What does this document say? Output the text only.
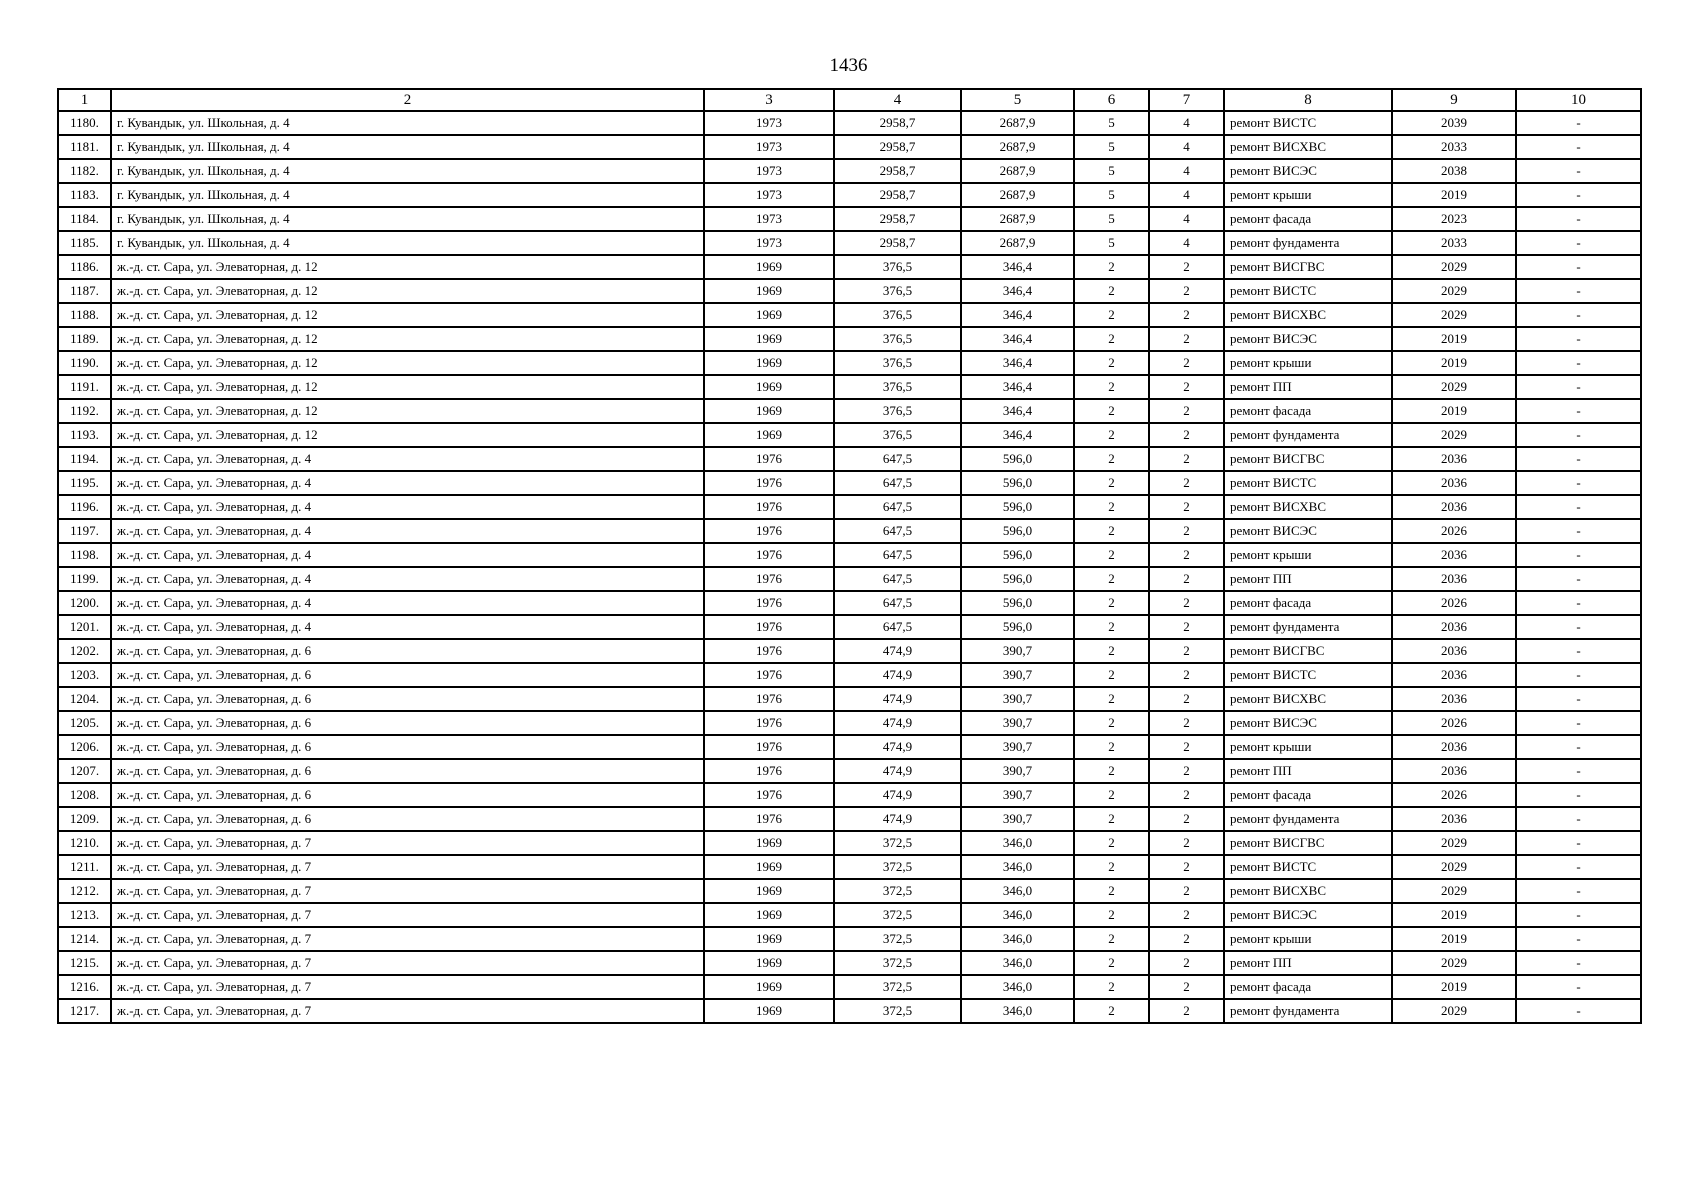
1436
1	2	3	4	5	6	7	8	9	10
1180.	г. Кувандык, ул. Школьная, д. 4	1973	2958,7	2687,9	5	4	ремонт ВИСТС	2039	-
1181.	г. Кувандык, ул. Школьная, д. 4	1973	2958,7	2687,9	5	4	ремонт ВИСХВС	2033	-
1182.	г. Кувандык, ул. Школьная, д. 4	1973	2958,7	2687,9	5	4	ремонт ВИСЭС	2038	-
1183.	г. Кувандык, ул. Школьная, д. 4	1973	2958,7	2687,9	5	4	ремонт крыши	2019	-
1184.	г. Кувандык, ул. Школьная, д. 4	1973	2958,7	2687,9	5	4	ремонт фасада	2023	-
1185.	г. Кувандык, ул. Школьная, д. 4	1973	2958,7	2687,9	5	4	ремонт фундамента	2033	-
1186.	ж.-д. ст. Сара, ул. Элеваторная, д. 12	1969	376,5	346,4	2	2	ремонт ВИСГВС	2029	-
1187.	ж.-д. ст. Сара, ул. Элеваторная, д. 12	1969	376,5	346,4	2	2	ремонт ВИСТС	2029	-
1188.	ж.-д. ст. Сара, ул. Элеваторная, д. 12	1969	376,5	346,4	2	2	ремонт ВИСХВС	2029	-
1189.	ж.-д. ст. Сара, ул. Элеваторная, д. 12	1969	376,5	346,4	2	2	ремонт ВИСЭС	2019	-
1190.	ж.-д. ст. Сара, ул. Элеваторная, д. 12	1969	376,5	346,4	2	2	ремонт крыши	2019	-
1191.	ж.-д. ст. Сара, ул. Элеваторная, д. 12	1969	376,5	346,4	2	2	ремонт ПП	2029	-
1192.	ж.-д. ст. Сара, ул. Элеваторная, д. 12	1969	376,5	346,4	2	2	ремонт фасада	2019	-
1193.	ж.-д. ст. Сара, ул. Элеваторная, д. 12	1969	376,5	346,4	2	2	ремонт фундамента	2029	-
1194.	ж.-д. ст. Сара, ул. Элеваторная, д. 4	1976	647,5	596,0	2	2	ремонт ВИСГВС	2036	-
1195.	ж.-д. ст. Сара, ул. Элеваторная, д. 4	1976	647,5	596,0	2	2	ремонт ВИСТС	2036	-
1196.	ж.-д. ст. Сара, ул. Элеваторная, д. 4	1976	647,5	596,0	2	2	ремонт ВИСХВС	2036	-
1197.	ж.-д. ст. Сара, ул. Элеваторная, д. 4	1976	647,5	596,0	2	2	ремонт ВИСЭС	2026	-
1198.	ж.-д. ст. Сара, ул. Элеваторная, д. 4	1976	647,5	596,0	2	2	ремонт крыши	2036	-
1199.	ж.-д. ст. Сара, ул. Элеваторная, д. 4	1976	647,5	596,0	2	2	ремонт ПП	2036	-
1200.	ж.-д. ст. Сара, ул. Элеваторная, д. 4	1976	647,5	596,0	2	2	ремонт фасада	2026	-
1201.	ж.-д. ст. Сара, ул. Элеваторная, д. 4	1976	647,5	596,0	2	2	ремонт фундамента	2036	-
1202.	ж.-д. ст. Сара, ул. Элеваторная, д. 6	1976	474,9	390,7	2	2	ремонт ВИСГВС	2036	-
1203.	ж.-д. ст. Сара, ул. Элеваторная, д. 6	1976	474,9	390,7	2	2	ремонт ВИСТС	2036	-
1204.	ж.-д. ст. Сара, ул. Элеваторная, д. 6	1976	474,9	390,7	2	2	ремонт ВИСХВС	2036	-
1205.	ж.-д. ст. Сара, ул. Элеваторная, д. 6	1976	474,9	390,7	2	2	ремонт ВИСЭС	2026	-
1206.	ж.-д. ст. Сара, ул. Элеваторная, д. 6	1976	474,9	390,7	2	2	ремонт крыши	2036	-
1207.	ж.-д. ст. Сара, ул. Элеваторная, д. 6	1976	474,9	390,7	2	2	ремонт ПП	2036	-
1208.	ж.-д. ст. Сара, ул. Элеваторная, д. 6	1976	474,9	390,7	2	2	ремонт фасада	2026	-
1209.	ж.-д. ст. Сара, ул. Элеваторная, д. 6	1976	474,9	390,7	2	2	ремонт фундамента	2036	-
1210.	ж.-д. ст. Сара, ул. Элеваторная, д. 7	1969	372,5	346,0	2	2	ремонт ВИСГВС	2029	-
1211.	ж.-д. ст. Сара, ул. Элеваторная, д. 7	1969	372,5	346,0	2	2	ремонт ВИСТС	2029	-
1212.	ж.-д. ст. Сара, ул. Элеваторная, д. 7	1969	372,5	346,0	2	2	ремонт ВИСХВС	2029	-
1213.	ж.-д. ст. Сара, ул. Элеваторная, д. 7	1969	372,5	346,0	2	2	ремонт ВИСЭС	2019	-
1214.	ж.-д. ст. Сара, ул. Элеваторная, д. 7	1969	372,5	346,0	2	2	ремонт крыши	2019	-
1215.	ж.-д. ст. Сара, ул. Элеваторная, д. 7	1969	372,5	346,0	2	2	ремонт ПП	2029	-
1216.	ж.-д. ст. Сара, ул. Элеваторная, д. 7	1969	372,5	346,0	2	2	ремонт фасада	2019	-
1217.	ж.-д. ст. Сара, ул. Элеваторная, д. 7	1969	372,5	346,0	2	2	ремонт фундамента	2029	-
